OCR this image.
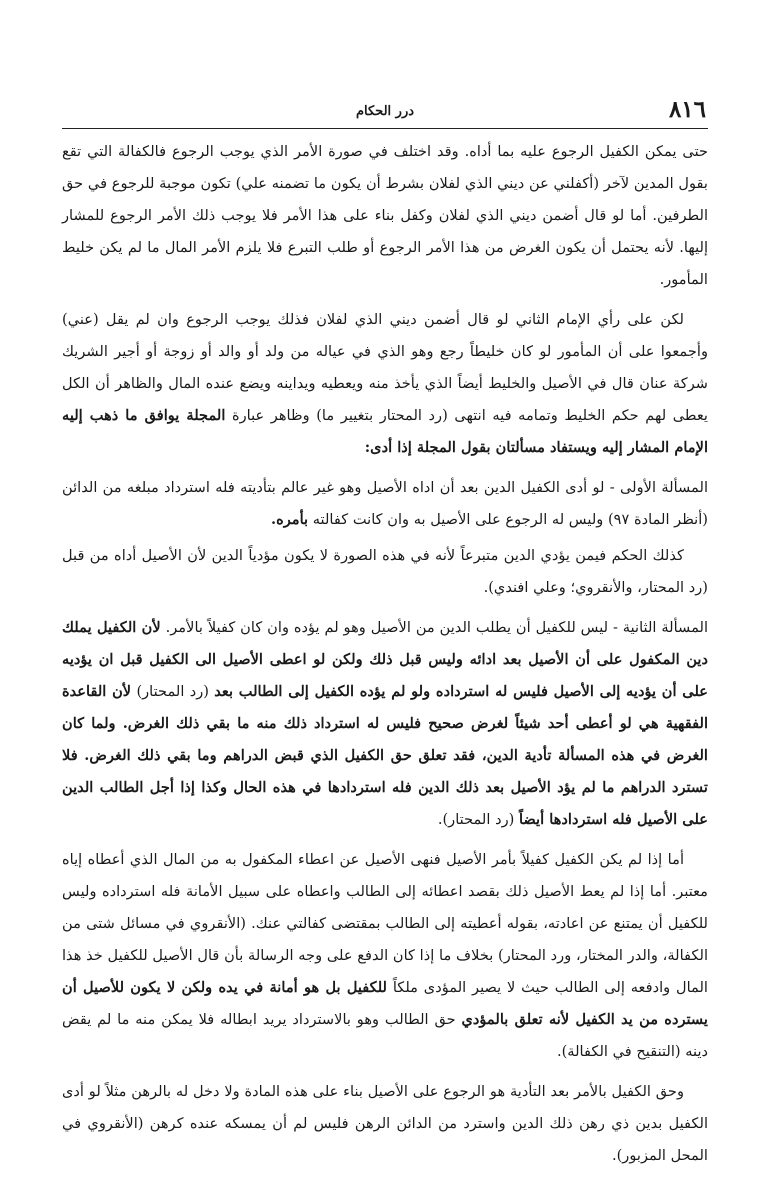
٨١٦
درر الحكام

حتى يمكن الكفيل الرجوع عليه بما أداه. وقد اختلف في صورة الأمر الذي يوجب الرجوع فالكفالة التي تقع بقول المدين لآخر (أكفلني عن ديني الذي لفلان بشرط أن يكون ما تضمنه علي) تكون موجبة للرجوع في حق الطرفين. أما لو قال أضمن ديني الذي لفلان وكفل بناء على هذا الأمر فلا يوجب ذلك الأمر الرجوع للمشار إليها. لأنه يحتمل أن يكون الغرض من هذا الأمر الرجوع أو طلب التبرع فلا يلزم الأمر المال ما لم يكن خليط المأمور.

لكن على رأي الإمام الثاني لو قال أضمن ديني الذي لفلان فذلك يوجب الرجوع وان لم يقل (عني) وأجمعوا على أن المأمور لو كان خليطاً رجع وهو الذي في عياله من ولد أو والد أو زوجة أو أجير الشريك شركة عنان قال في الأصيل والخليط أيضاً الذي يأخذ منه ويعطيه ويداينه ويضع عنده المال والظاهر أن الكل يعطى لهم حكم الخليط وتمامه فيه انتهى (رد المحتار بتغيير ما) وظاهر عبارة المجلة يوافق ما ذهب إليه الإمام المشار إليه ويستفاد مسألتان بقول المجلة إذا أدى:

المسألة الأولى - لو أدى الكفيل الدين بعد أن اداه الأصيل وهو غير عالم بتأديته فله استرداد مبلغه من الدائن (أنظر المادة ٩٧) وليس له الرجوع على الأصيل به وان كانت كفالته بأمره.

كذلك الحكم فيمن يؤدي الدين متبرعاً لأنه في هذه الصورة لا يكون مؤدياً الدين لأن الأصيل أداه من قبل (رد المحتار، والأنقروي؛ وعلي افندي).

المسألة الثانية - ليس للكفيل أن يطلب الدين من الأصيل وهو لم يؤده وان كان كفيلاً بالأمر. لأن الكفيل يملك دين المكفول على أن الأصيل بعد ادائه وليس قبل ذلك ولكن لو اعطى الأصيل الى الكفيل قبل ان يؤديه على أن يؤديه إلى الأصيل فليس له استرداده ولو لم يؤده الكفيل إلى الطالب بعد (رد المحتار) لأن القاعدة الفقهية هي لو أعطى أحد شيئاً لغرض صحيح فليس له استرداد ذلك منه ما بقي ذلك الغرض. ولما كان الغرض في هذه المسألة تأدية الدين، فقد تعلق حق الكفيل الذي قبض الدراهم وما بقي ذلك الغرض. فلا تسترد الدراهم ما لم يؤد الأصيل بعد ذلك الدين فله استردادها في هذه الحال وكذا إذا أجل الطالب الدين على الأصيل فله استردادها أيضاً (رد المحتار).

أما إذا لم يكن الكفيل كفيلاً بأمر الأصيل فنهى الأصيل عن اعطاء المكفول به من المال الذي أعطاه إياه معتبر. أما إذا لم يعط الأصيل ذلك بقصد اعطائه إلى الطالب واعطاه على سبيل الأمانة فله استرداده وليس للكفيل أن يمتنع عن اعادته، بقوله أعطيته إلى الطالب بمقتضى كفالتي عنك. (الأنقروي في مسائل شتى من الكفالة، والدر المختار، ورد المحتار) بخلاف ما إذا كان الدفع على وجه الرسالة بأن قال الأصيل للكفيل خذ هذا المال وادفعه إلى الطالب حيث لا يصير المؤدى ملكاً للكفيل بل هو أمانة في يده ولكن لا يكون للأصيل أن يسترده من يد الكفيل لأنه تعلق بالمؤدي حق الطالب وهو بالاسترداد يريد ابطاله فلا يمكن منه ما لم يقض دينه (التنقيح في الكفالة).

وحق الكفيل بالأمر بعد التأدية هو الرجوع على الأصيل بناء على هذه المادة ولا دخل له بالرهن مثلاً لو أدى الكفيل بدين ذي رهن ذلك الدين واسترد من الدائن الرهن فليس لم أن يمسكه عنده كرهن (الأنقروي في المحل المزبور).
